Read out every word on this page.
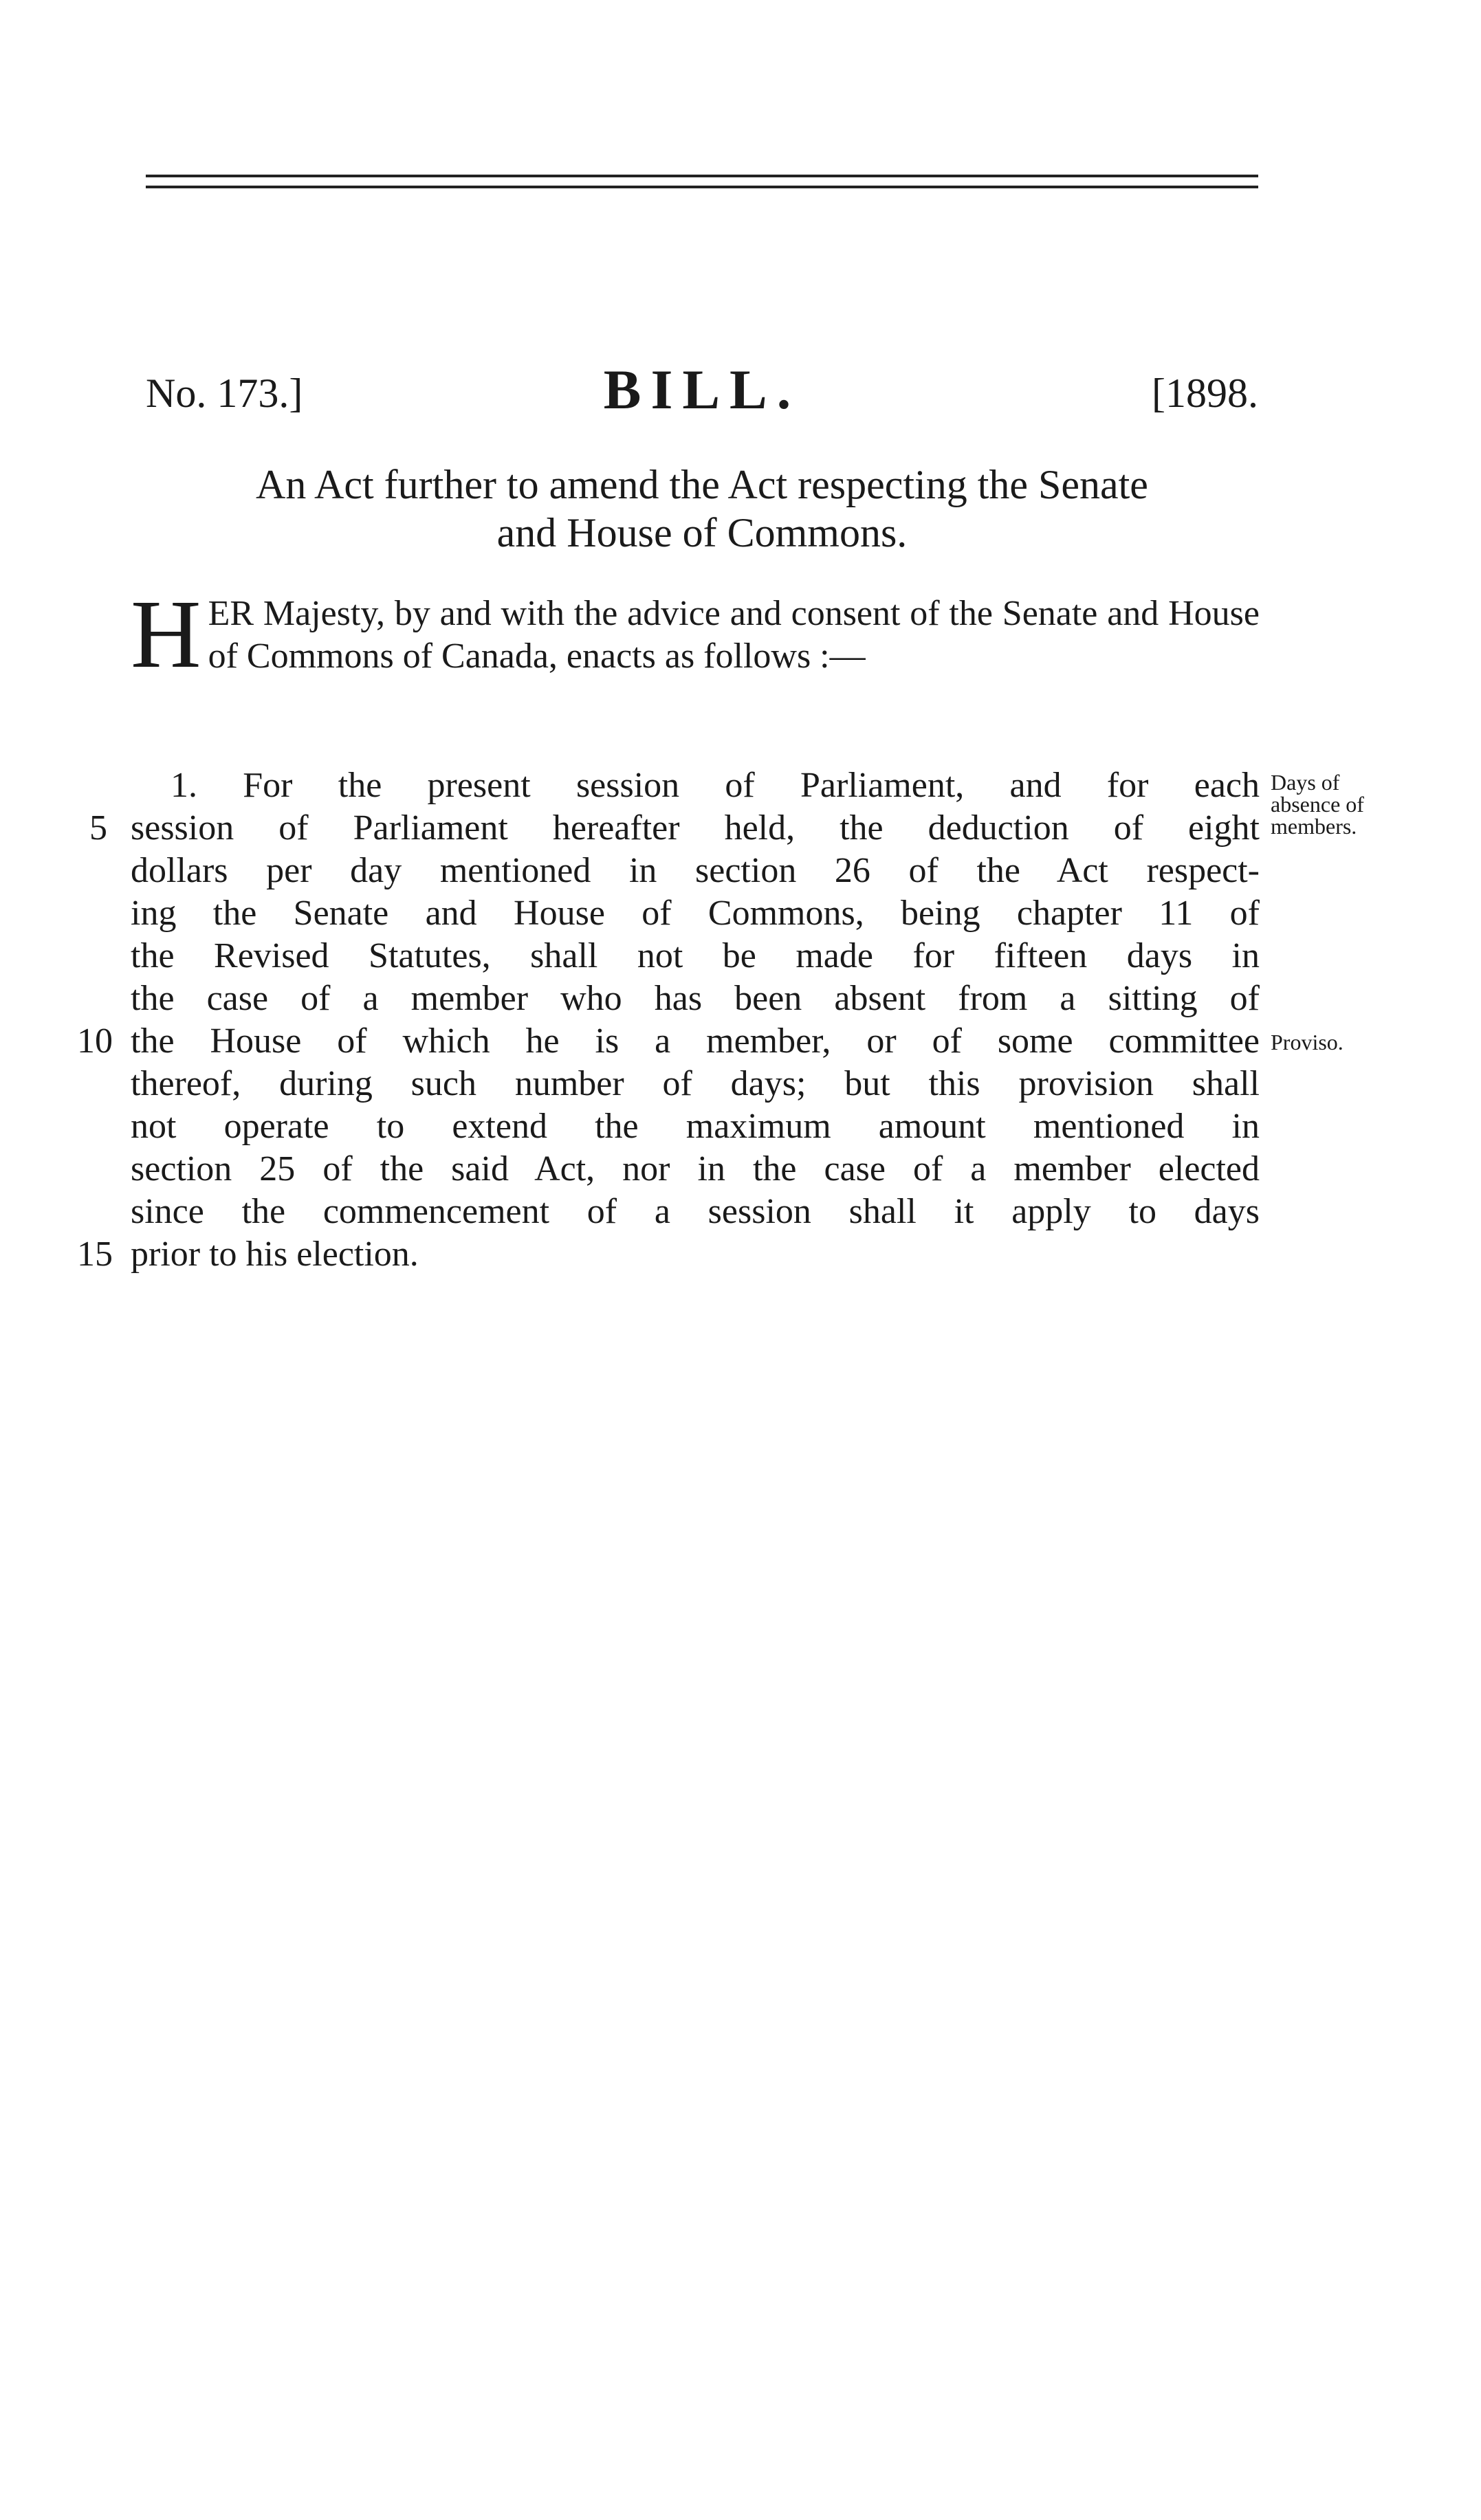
No. 173.]	BILL.	[1898.
An Act further to amend the Act respecting the Senate
and House of Commons.
H ER Majesty, by and with the advice and consent of the Senate and House of Commons of Canada, enacts as follows :—
1. For the present session of Parliament, and for each
session of Parliament hereafter held, the deduction of eight
dollars per day mentioned in section 26 of the Act respect-
ing the Senate and House of Commons, being chapter 11 of
the Revised Statutes, shall not be made for fifteen days in
the case of a member who has been absent from a sitting of
the House of which he is a member, or of some committee
thereof, during such number of days; but this provision shall
not operate to extend the maximum amount mentioned in
section 25 of the said Act, nor in the case of a member elected
since the commencement of a session shall it apply to days
prior to his election.
5
10
15
Days of
absence of
members.
Proviso.
